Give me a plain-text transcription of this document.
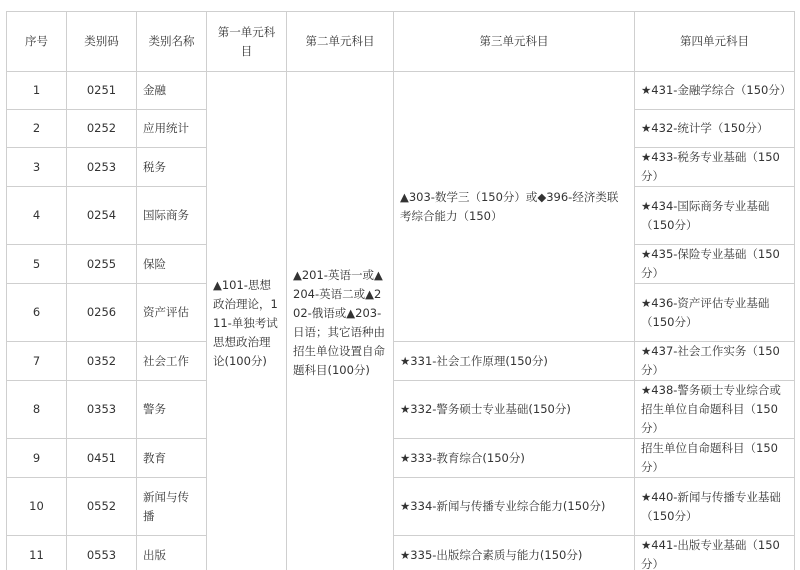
序号	类别码	类别名称	第一单元科目	第二单元科目	第三单元科目	第四单元科目
1	0251	金融	▲101-思想政治理论，111-单独考试思想政治理论(100分)	▲201-英语一或▲204-英语二或▲202-俄语或▲203-日语；其它语种由招生单位设置自命题科目(100分)	▲303-数学三（150分）或◆396-经济类联考综合能力（150）	★431-金融学综合（150分）
2	0252	应用统计				★432-统计学（150分）
3	0253	税务				★433-税务专业基础（150分）
4	0254	国际商务				★434-国际商务专业基础（150分）
5	0255	保险				★435-保险专业基础（150分）
6	0256	资产评估				★436-资产评估专业基础（150分）
7	0352	社会工作			★331-社会工作原理(150分)	★437-社会工作实务（150分）
8	0353	警务			★332-警务硕士专业基础(150分)	★438-警务硕士专业综合或招生单位自命题科目（150分）
9	0451	教育			★333-教育综合(150分)	招生单位自命题科目（150分）
10	0552	新闻与传播			★334-新闻与传播专业综合能力(150分)	★440-新闻与传播专业基础（150分）
11	0553	出版			★335-出版综合素质与能力(150分)	★441-出版专业基础（150分）
